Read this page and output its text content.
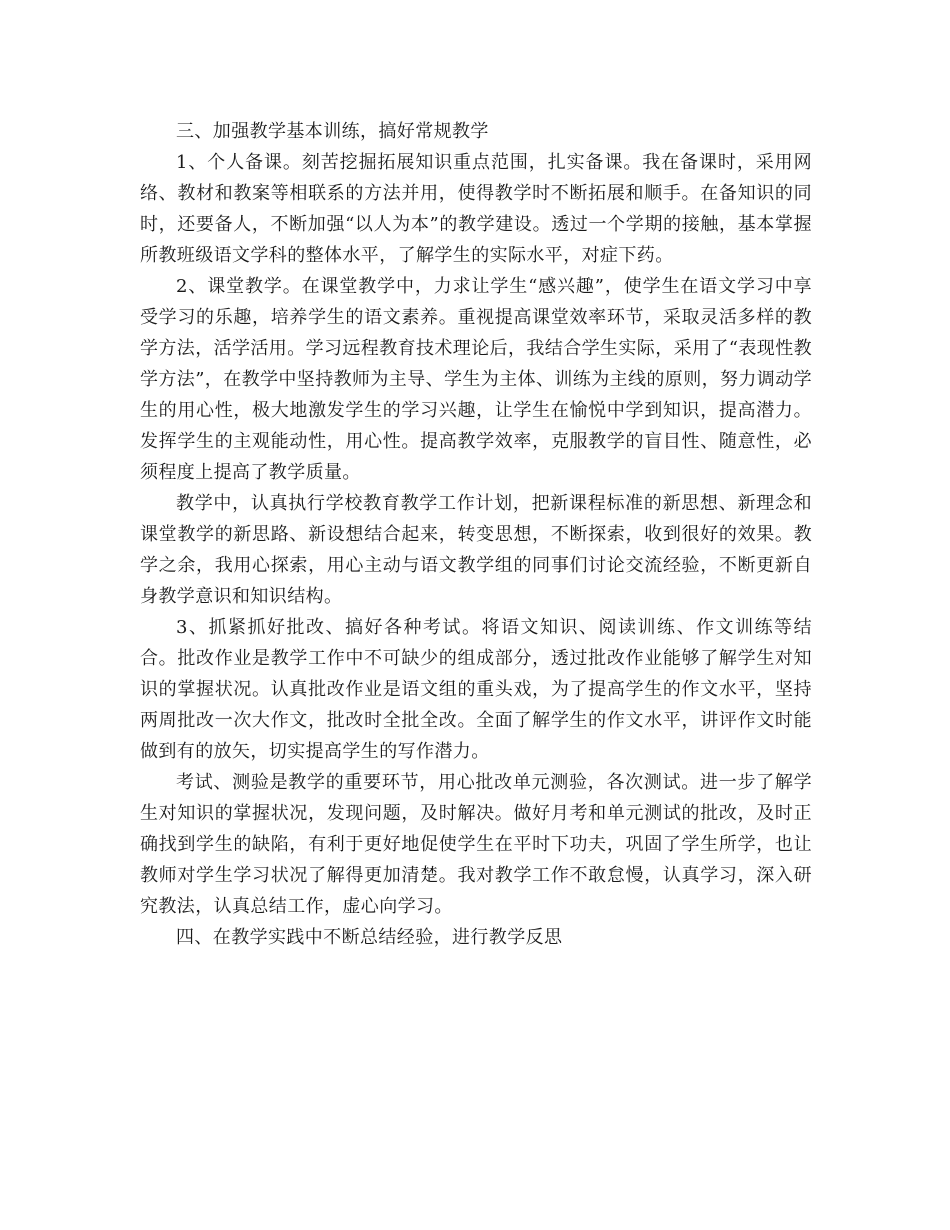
三、加强教学基本训练，搞好常规教学

1、个人备课。刻苦挖掘拓展知识重点范围，扎实备课。我在备课时，采用网络、教材和教案等相联系的方法并用，使得教学时不断拓展和顺手。在备知识的同时，还要备人，不断加强“以人为本”的教学建设。透过一个学期的接触，基本掌握所教班级语文学科的整体水平，了解学生的实际水平，对症下药。

2、课堂教学。在课堂教学中，力求让学生“感兴趣”，使学生在语文学习中享受学习的乐趣，培养学生的语文素养。重视提高课堂效率环节，采取灵活多样的教学方法，活学活用。学习远程教育技术理论后，我结合学生实际，采用了“表现性教学方法”，在教学中坚持教师为主导、学生为主体、训练为主线的原则，努力调动学生的用心性，极大地激发学生的学习兴趣，让学生在愉悦中学到知识，提高潜力。发挥学生的主观能动性，用心性。提高教学效率，克服教学的盲目性、随意性，必须程度上提高了教学质量。

教学中，认真执行学校教育教学工作计划，把新课程标准的新思想、新理念和课堂教学的新思路、新设想结合起来，转变思想，不断探索，收到很好的效果。教学之余，我用心探索，用心主动与语文教学组的同事们讨论交流经验，不断更新自身教学意识和知识结构。

3、抓紧抓好批改、搞好各种考试。将语文知识、阅读训练、作文训练等结合。批改作业是教学工作中不可缺少的组成部分，透过批改作业能够了解学生对知识的掌握状况。认真批改作业是语文组的重头戏，为了提高学生的作文水平，坚持两周批改一次大作文，批改时全批全改。全面了解学生的作文水平，讲评作文时能做到有的放矢，切实提高学生的写作潜力。

考试、测验是教学的重要环节，用心批改单元测验，各次测试。进一步了解学生对知识的掌握状况，发现问题，及时解决。做好月考和单元测试的批改，及时正确找到学生的缺陷，有利于更好地促使学生在平时下功夫，巩固了学生所学，也让教师对学生学习状况了解得更加清楚。我对教学工作不敢怠慢，认真学习，深入研究教法，认真总结工作，虚心向学习。

四、在教学实践中不断总结经验，进行教学反思
